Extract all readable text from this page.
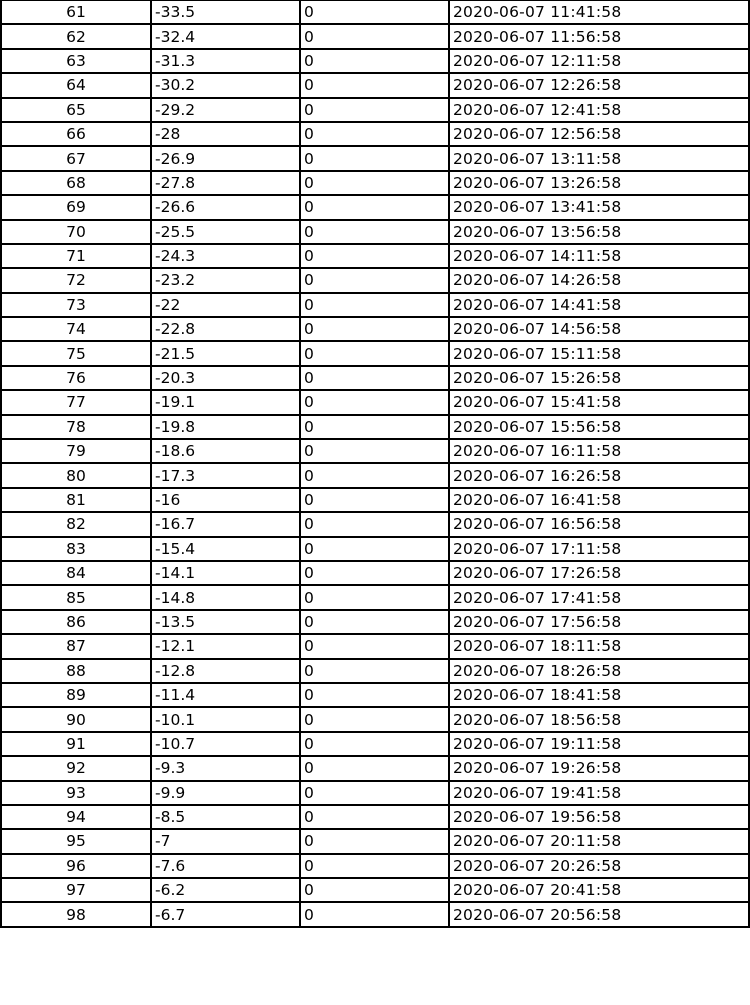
61	-33.5	0	2020-06-07 11:41:58
62	-32.4	0	2020-06-07 11:56:58
63	-31.3	0	2020-06-07 12:11:58
64	-30.2	0	2020-06-07 12:26:58
65	-29.2	0	2020-06-07 12:41:58
66	-28	0	2020-06-07 12:56:58
67	-26.9	0	2020-06-07 13:11:58
68	-27.8	0	2020-06-07 13:26:58
69	-26.6	0	2020-06-07 13:41:58
70	-25.5	0	2020-06-07 13:56:58
71	-24.3	0	2020-06-07 14:11:58
72	-23.2	0	2020-06-07 14:26:58
73	-22	0	2020-06-07 14:41:58
74	-22.8	0	2020-06-07 14:56:58
75	-21.5	0	2020-06-07 15:11:58
76	-20.3	0	2020-06-07 15:26:58
77	-19.1	0	2020-06-07 15:41:58
78	-19.8	0	2020-06-07 15:56:58
79	-18.6	0	2020-06-07 16:11:58
80	-17.3	0	2020-06-07 16:26:58
81	-16	0	2020-06-07 16:41:58
82	-16.7	0	2020-06-07 16:56:58
83	-15.4	0	2020-06-07 17:11:58
84	-14.1	0	2020-06-07 17:26:58
85	-14.8	0	2020-06-07 17:41:58
86	-13.5	0	2020-06-07 17:56:58
87	-12.1	0	2020-06-07 18:11:58
88	-12.8	0	2020-06-07 18:26:58
89	-11.4	0	2020-06-07 18:41:58
90	-10.1	0	2020-06-07 18:56:58
91	-10.7	0	2020-06-07 19:11:58
92	-9.3	0	2020-06-07 19:26:58
93	-9.9	0	2020-06-07 19:41:58
94	-8.5	0	2020-06-07 19:56:58
95	-7	0	2020-06-07 20:11:58
96	-7.6	0	2020-06-07 20:26:58
97	-6.2	0	2020-06-07 20:41:58
98	-6.7	0	2020-06-07 20:56:58
